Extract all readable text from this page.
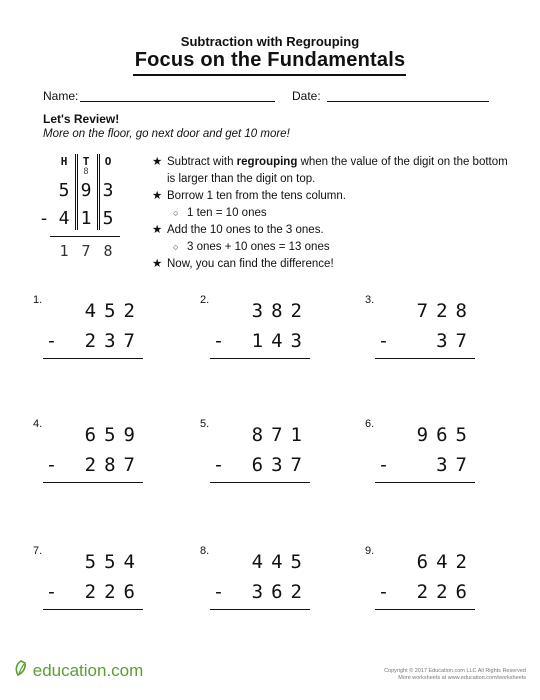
Subtraction with Regrouping
Focus on the Fundamentals
Name:	Date:
Let's Review!
More on the floor, go next door and get 10 more!
H	T	O
8
5 9 3
- 4 1 5
1 7 8
★ Subtract with regrouping when the value of the digit on the bottom is larger than the digit on top.
★ Borrow 1 ten from the tens column.
○ 1 ten = 10 ones
★ Add the 10 ones to the 3 ones.
○ 3 ones + 10 ones = 13 ones
★ Now, you can find the difference!
1. 452
- 237
2. 382
- 143
3. 728
-  37
4. 659
- 287
5. 871
- 637
6. 965
-  37
7. 554
- 226
8. 445
- 362
9. 642
- 226
education.com	Copyright © 2017 Education.com LLC All Rights Reserved
More worksheets at www.education.com/worksheets
